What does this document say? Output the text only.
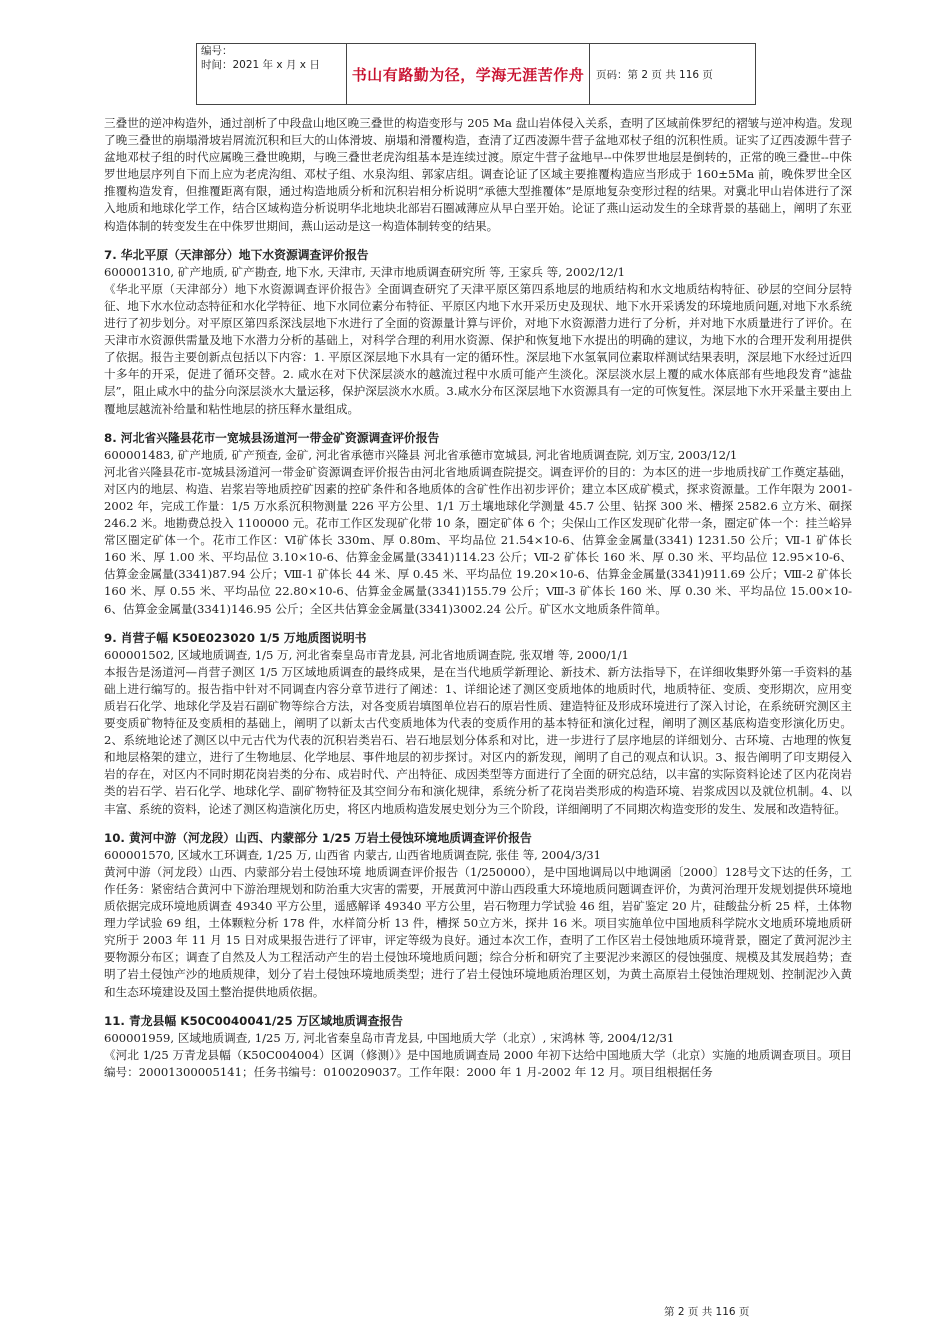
编号：
时间：2021 年 x 月 x 日
	书山有路勤为径，学海无涯苦作舟	页码：第 2 页 共 116 页

三叠世的逆冲构造外，通过剖析了中段盘山地区晚三叠世的构造变形与 205 Ma 盘山岩体侵入关系，查明了区域前侏罗纪的褶皱与逆冲构造。发现了晚三叠世的崩塌滑坡岩屑流沉积和巨大的山体滑坡、崩塌和滑覆构造，查清了辽西凌源牛营子盆地邓杖子组的沉积性质。证实了辽西凌源牛营子盆地邓杖子组的时代应属晚三叠世晚期，与晚三叠世老虎沟组基本是连续过渡。原定牛营子盆地早--中侏罗世地层是倒转的，正常的晚三叠世--中侏罗世地层序列自下而上应为老虎沟组、邓杖子组、水泉沟组、郭家店组。调查论证了区域主要推覆构造应当形成于 160±5Ma 前，晚侏罗世全区推覆构造发育，但推覆距离有限，通过构造地质分析和沉积岩相分析说明“承德大型推覆体”是原地复杂变形过程的结果。对冀北甲山岩体进行了深入地质和地球化学工作，结合区域构造分析说明华北地块北部岩石圈减薄应从早白垩开始。论证了燕山运动发生的全球背景的基础上，阐明了东亚构造体制的转变发生在中侏罗世期间，燕山运动是这一构造体制转变的结果。

7. 华北平原（天津部分）地下水资源调查评价报告

600001310, 矿产地质, 矿产勘查, 地下水, 天津市, 天津市地质调查研究所 等, 王家兵 等, 2002/12/1

《华北平原（天津部分）地下水资源调查评价报告》全面调查研究了天津平原区第四系地层的地质结构和水文地质结构特征、砂层的空间分层特征、地下水水位动态特征和水化学特征、地下水同位素分布特征、平原区内地下水开采历史及现状、地下水开采诱发的环境地质问题,对地下水系统进行了初步划分。对平原区第四系深浅层地下水进行了全面的资源量计算与评价，对地下水资源潜力进行了分析，并对地下水质量进行了评价。在天津市水资源供需量及地下水潜力分析的基础上，对科学合理的利用水资源、保护和恢复地下水提出的明确的建议，为地下水的合理开发利用提供了依据。报告主要创新点包括以下内容：1. 平原区深层地下水具有一定的循环性。深层地下水氢氧同位素取样测试结果表明，深层地下水经过近四十多年的开采，促进了循环交替。2. 咸水在对下伏深层淡水的越流过程中水质可能产生淡化。深层淡水层上覆的咸水体底部有些地段发育“滤盐层”，阻止咸水中的盐分向深层淡水大量运移，保护深层淡水水质。3.咸水分布区深层地下水资源具有一定的可恢复性。深层地下水开采量主要由上覆地层越流补给量和粘性地层的挤压释水量组成。

8. 河北省兴隆县花市一宽城县汤道河一带金矿资源调查评价报告

600001483, 矿产地质, 矿产预查, 金矿, 河北省承德市兴隆县 河北省承德市宽城县, 河北省地质调查院, 刘万宝, 2003/12/1

河北省兴隆县花市-宽城县汤道河一带金矿资源调查评价报告由河北省地质调查院提交。调查评价的目的：为本区的进一步地质找矿工作奠定基础，对区内的地层、构造、岩浆岩等地质控矿因素的控矿条件和各地质体的含矿性作出初步评价；建立本区成矿模式，探求资源量。工作年限为 2001-2002 年，完成工作量：1/5 万水系沉积物测量 226 平方公里、1/1 万土壤地球化学测量 45.7 公里、钻探 300 米、槽探 2582.6 立方米、硐探 246.2 米。地勘费总投入 1100000 元。花市工作区发现矿化带 10 条，圈定矿体 6 个；尖保山工作区发现矿化带一条，圈定矿体一个：挂兰峪异常区圈定矿体一个。花市工作区：Ⅵ矿体长 330m、厚 0.80m、平均品位 21.54×10-6、估算金金属量(3341) 1231.50 公斤；Ⅶ-1 矿体长 160 米、厚 1.00 米、平均品位 3.10×10-6、估算金金属量(3341)114.23 公斤；Ⅶ-2 矿体长 160 米、厚 0.30 米、平均品位 12.95×10-6、估算金金属量(3341)87.94 公斤；Ⅷ-1 矿体长 44 米、厚 0.45 米、平均品位 19.20×10-6、估算金金属量(3341)911.69 公斤；Ⅷ-2 矿体长 160 米、厚 0.55 米、平均品位 22.80×10-6、估算金金属量(3341)155.79 公斤；Ⅷ-3 矿体长 160 米、厚 0.30 米、平均品位 15.00×10-6、估算金金属量(3341)146.95 公斤；全区共估算金金属量(3341)3002.24 公斤。矿区水文地质条件简单。

9. 肖营子幅 K50E023020 1/5 万地质图说明书

600001502, 区域地质调查, 1/5 万, 河北省秦皇岛市青龙县, 河北省地质调查院, 张双增 等, 2000/1/1

本报告是汤道河—肖营子测区 1/5 万区域地质调查的最终成果，是在当代地质学新理论、新技术、新方法指导下，在详细收集野外第一手资料的基础上进行编写的。报告指中针对不同调查内容分章节进行了阐述：1、详细论述了测区变质地体的地质时代，地质特征、变质、变形期次，应用变质岩石化学、地球化学及岩石副矿物等综合方法，对各变质岩填图单位岩石的原岩性质、建造特征及形成环境进行了深入讨论，在系统研究测区主要变质矿物特征及变质相的基础上，阐明了以新太古代变质地体为代表的变质作用的基本特征和演化过程，阐明了测区基底构造变形演化历史。2、系统地论述了测区以中元古代为代表的沉积岩类岩石、岩石地层划分体系和对比，进一步进行了层序地层的详细划分、古环境、古地理的恢复和地层格架的建立，进行了生物地层、化学地层、事件地层的初步探讨。对区内的新发现，阐明了自己的观点和认识。3、报告阐明了印支期侵入岩的存在，对区内不同时期花岗岩类的分布、成岩时代、产出特征、成因类型等方面进行了全面的研究总结，以丰富的实际资料论述了区内花岗岩类的岩石学、岩石化学、地球化学、副矿物特征及其空间分布和演化规律，系统分析了花岗岩类形成的构造环境、岩浆成因以及就位机制。4、以丰富、系统的资料，论述了测区构造演化历史，将区内地质构造发展史划分为三个阶段，详细阐明了不同期次构造变形的发生、发展和改造特征。

10. 黄河中游（河龙段）山西、内蒙部分 1/25 万岩土侵蚀环境地质调查评价报告

600001570, 区域水工环调查, 1/25 万, 山西省 内蒙古, 山西省地质调查院, 张佳 等, 2004/3/31

黄河中游（河龙段）山西、内蒙部分岩土侵蚀环境 地质调查评价报告（1/250000），是中国地调局以中地调函〔2000〕128号文下达的任务，工作任务：紧密结合黄河中下游治理规划和防治重大灾害的需要，开展黄河中游山西段重大环境地质问题调查评价，为黄河治理开发规划提供环境地质依据完成环境地质调查 49340 平方公里，遥感解译 49340 平方公里，岩石物理力学试验 46 组，岩矿鉴定 20 片，硅酸盐分析 25 样，土体物理力学试验 69 组，土体颗粒分析 178 件，水样简分析 13 件，槽探 50立方米，探井 16 米。项目实施单位中国地质科学院水文地质环境地质研究所于 2003 年 11 月 15 日对成果报告进行了评审，评定等级为良好。通过本次工作，查明了工作区岩土侵蚀地质环境背景，圈定了黄河泥沙主要物源分布区；调查了自然及人为工程活动产生的岩土侵蚀环境地质问题；综合分析和研究了主要泥沙来源区的侵蚀强度、规模及其发展趋势；查明了岩土侵蚀产沙的地质规律，划分了岩土侵蚀环境地质类型；进行了岩土侵蚀环境地质治理区划，为黄土高原岩土侵蚀治理规划、控制泥沙入黄和生态环境建设及国土整治提供地质依据。

11. 青龙县幅 K50C0040041/25 万区域地质调查报告

600001959, 区域地质调查, 1/25 万, 河北省秦皇岛市青龙县, 中国地质大学（北京）, 宋鸿林 等, 2004/12/31

《河北 1/25 万青龙县幅（K50C004004）区调（修测）》是中国地质调查局 2000 年初下达给中国地质大学（北京）实施的地质调查项目。项目编号：20001300005141；任务书编号：0100209037。工作年限：2000 年 1 月-2002 年 12 月。项目组根据任务

第 2 页 共 116 页
